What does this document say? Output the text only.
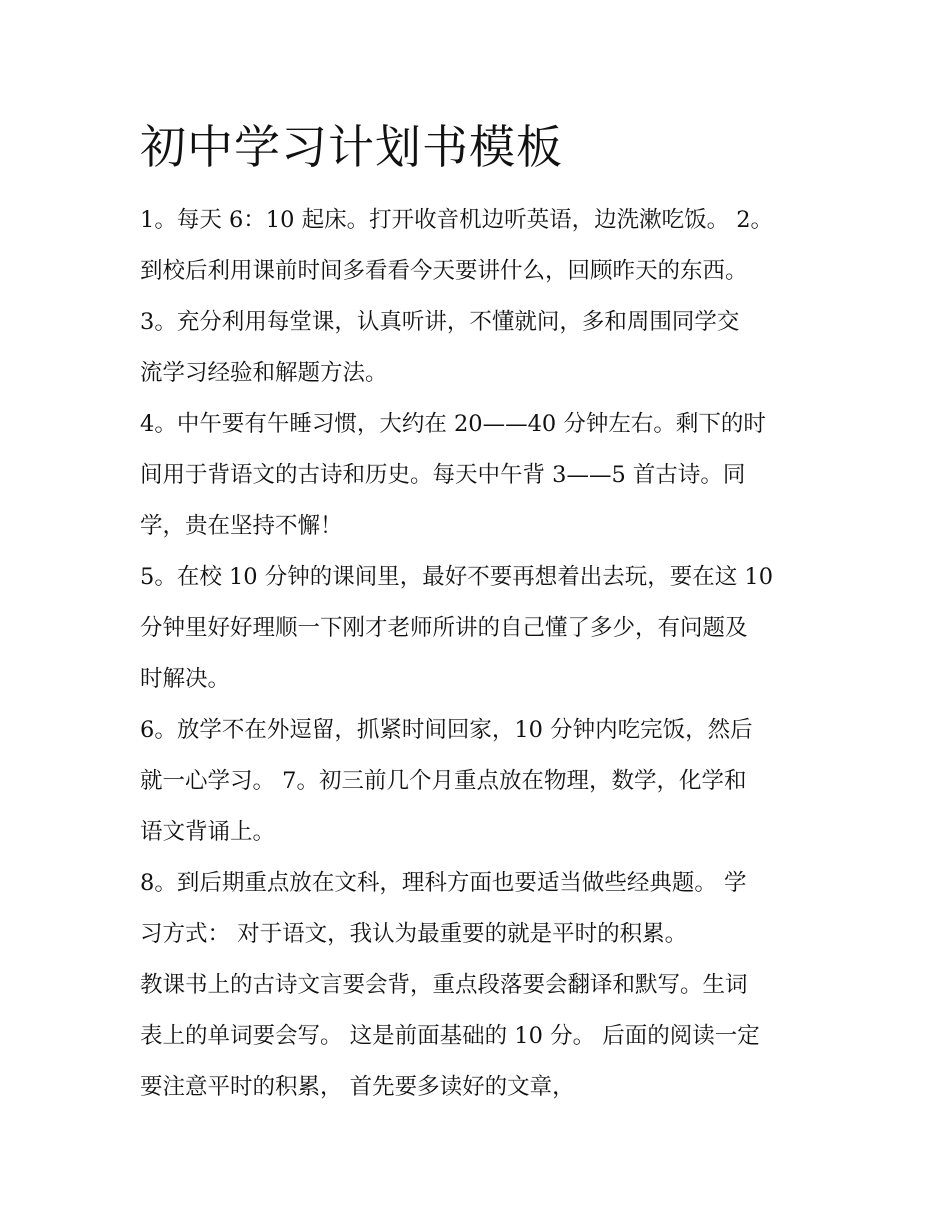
初中学习计划书模板

1。每天 6：10 起床。打开收音机边听英语，边洗漱吃饭。 2。

到校后利用课前时间多看看今天要讲什么，回顾昨天的东西。

3。充分利用每堂课，认真听讲，不懂就问，多和周围同学交

流学习经验和解题方法。

4。中午要有午睡习惯，大约在 20——40 分钟左右。剩下的时

间用于背语文的古诗和历史。每天中午背 3——5 首古诗。同

学，贵在坚持不懈！

5。在校 10 分钟的课间里，最好不要再想着出去玩，要在这 10

分钟里好好理顺一下刚才老师所讲的自己懂了多少，有问题及

时解决。

6。放学不在外逗留，抓紧时间回家，10 分钟内吃完饭，然后

就一心学习。 7。初三前几个月重点放在物理，数学，化学和

语文背诵上。

8。到后期重点放在文科，理科方面也要适当做些经典题。 学

习方式： 对于语文，我认为最重要的就是平时的积累。

教课书上的古诗文言要会背，重点段落要会翻译和默写。生词

表上的单词要会写。 这是前面基础的 10 分。 后面的阅读一定

要注意平时的积累， 首先要多读好的文章，
